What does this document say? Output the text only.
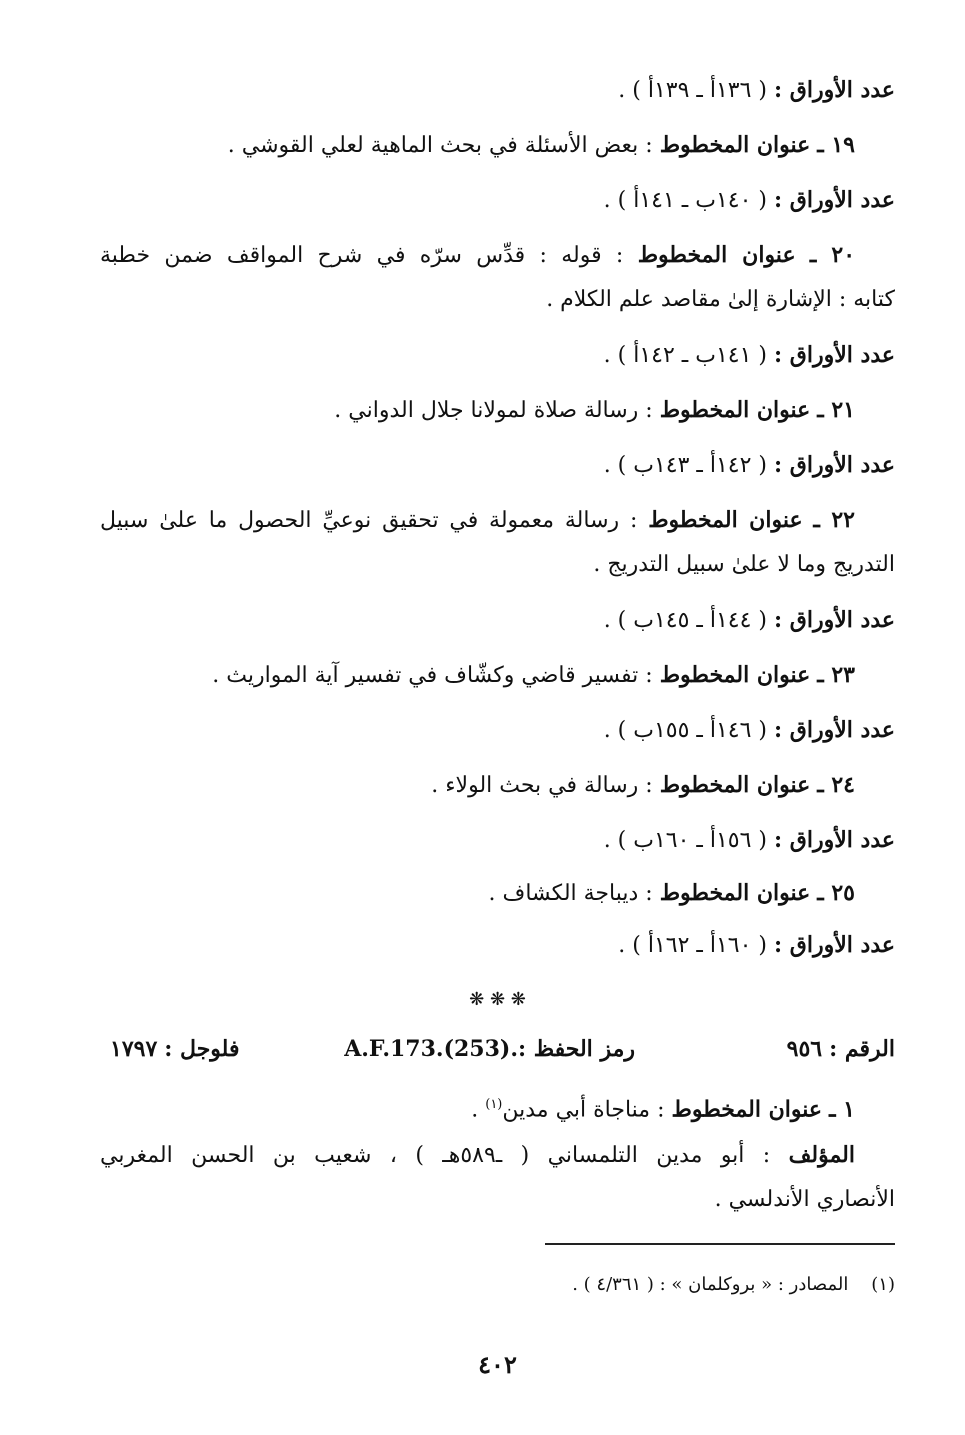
عدد الأوراق : ( ١٣٦أ ـ ١٣٩أ ) .
١٩ ـ عنوان المخطوط : بعض الأسئلة في بحث الماهية لعلي القوشي .
عدد الأوراق : ( ١٤٠ب ـ ١٤١أ ) .
٢٠ ـ عنوان المخطوط : قوله : قدِّس سرّه في شرح المواقف ضمن خطبة
كتابه : الإشارة إلىٰ مقاصد علم الكلام .
عدد الأوراق : ( ١٤١ب ـ ١٤٢أ ) .
٢١ ـ عنوان المخطوط : رسالة صلاة لمولانا جلال الدواني .
عدد الأوراق : ( ١٤٢أ ـ ١٤٣ب ) .
٢٢ ـ عنوان المخطوط : رسالة معمولة في تحقيق نوعيِّ الحصول ما علىٰ سبيل
التدريج وما لا علىٰ سبيل التدريج .
عدد الأوراق : ( ١٤٤أ ـ ١٤٥ب ) .
٢٣ ـ عنوان المخطوط : تفسير قاضي وكشّاف في تفسير آية المواريث .
عدد الأوراق : ( ١٤٦أ ـ ١٥٥ب ) .
٢٤ ـ عنوان المخطوط : رسالة في بحث الولاء .
عدد الأوراق : ( ١٥٦أ ـ ١٦٠ب ) .
٢٥ ـ عنوان المخطوط : ديباجة الكشاف .
عدد الأوراق : ( ١٦٠أ ـ ١٦٢أ ) .
❋ ❋ ❋
الرقم : ٩٥٦
رمز الحفظ :
A.F.173.(253).
فلوجل : ١٧٩٧
١ ـ عنوان المخطوط : مناجاة أبي مدين$^{(١)}$ .
المؤلف : أبو مدين التلمساني ( ـ٥٨٩هـ ) ، شعيب بن الحسن المغربي
الأنصاري الأندلسي .
(١)    المصادر : « بروكلمان » : ( ٤/٣٦١ ) .
٤٠٢
